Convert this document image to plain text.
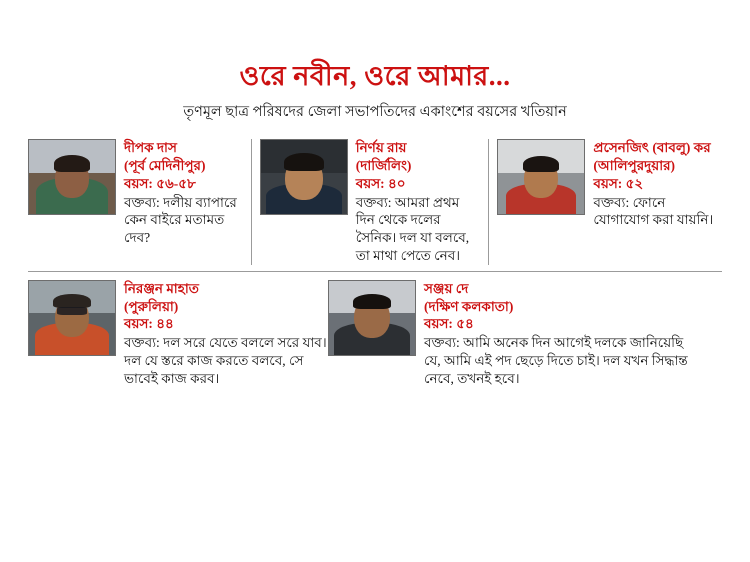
ওরে নবীন, ওরে আমার...
তৃণমূল ছাত্র পরিষদের জেলা সভাপতিদের একাংশের বয়সের খতিয়ান
দীপক দাস
(পূর্ব মেদিনীপুর)
বয়স: ৫৬-৫৮
বক্তব্য: দলীয় ব্যাপারে কেন বাইরে মতামত দেব?
নির্ণয় রায়
(দার্জিলিং)
বয়স: ৪০
বক্তব্য: আমরা প্রথম দিন থেকে দলের সৈনিক। দল যা বলবে, তা মাথা পেতে নেব।
প্রসেনজিৎ (বাবলু) কর
(আলিপুরদুয়ার)
বয়স: ৫২
বক্তব্য: ফোনে যোগাযোগ করা যায়নি।
নিরঞ্জন মাহাত
(পুরুলিয়া)
বয়স: ৪৪
বক্তব্য: দল সরে যেতে বললে সরে যাব। দল যে স্তরে কাজ করতে বলবে, সে ভাবেই কাজ করব।
সঞ্জয় দে
(দক্ষিণ কলকাতা)
বয়স: ৫৪
বক্তব্য: আমি অনেক দিন আগেই দলকে জানিয়েছি যে, আমি এই পদ ছেড়ে দিতে চাই। দল যখন সিদ্ধান্ত নেবে, তখনই হবে।
